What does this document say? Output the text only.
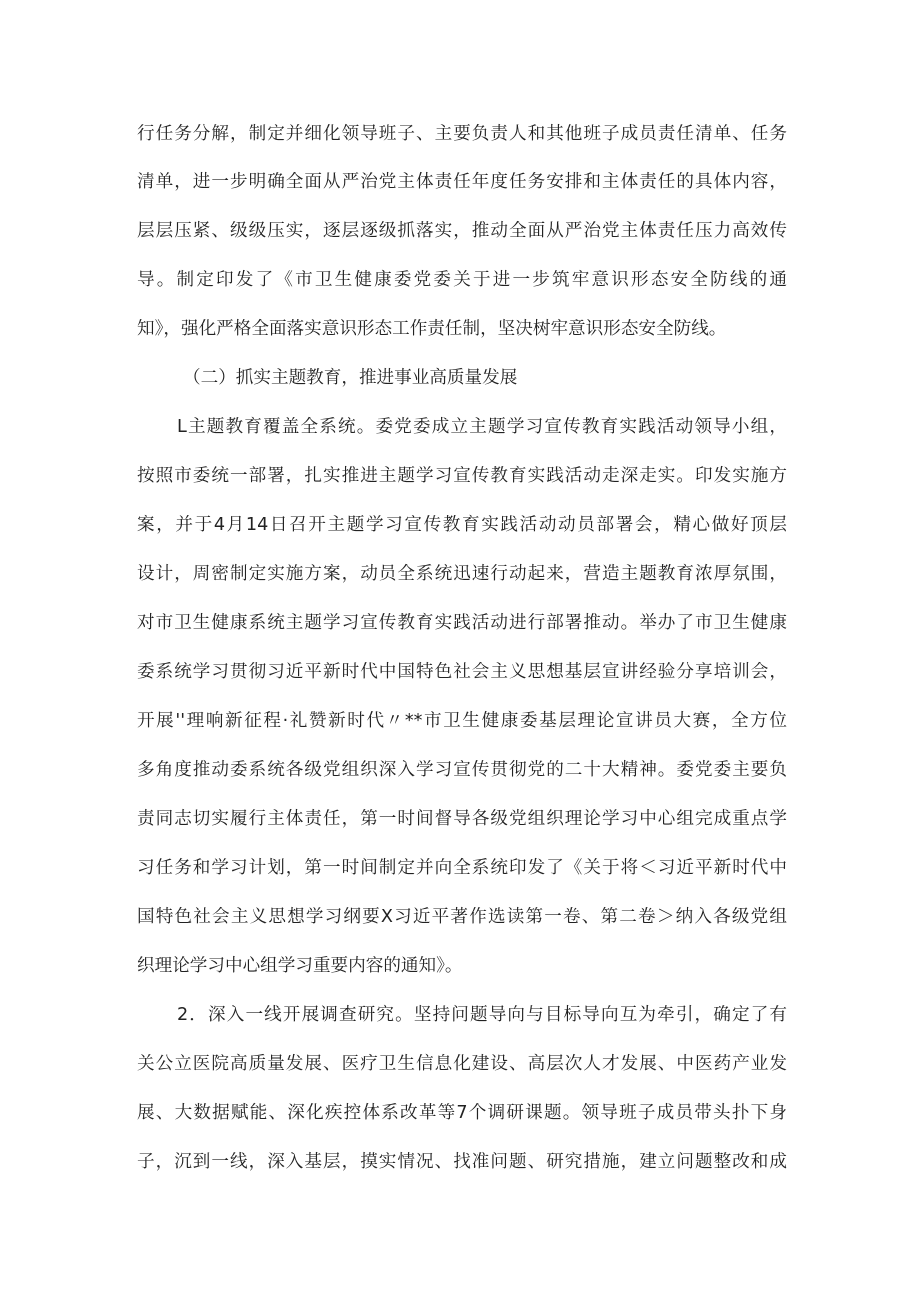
行任务分解，制定并细化领导班子、主要负责人和其他班子成员责任清单、任务
清单，进一步明确全面从严治党主体责任年度任务安排和主体责任的具体内容，
层层压紧、级级压实，逐层逐级抓落实，推动全面从严治党主体责任压力高效传
导。制定印发了《市卫生健康委党委关于进一步筑牢意识形态安全防线的通
知》，强化严格全面落实意识形态工作责任制，坚决树牢意识形态安全防线。
（二）抓实主题教育，推进事业高质量发展
L主题教育覆盖全系统。委党委成立主题学习宣传教育实践活动领导小组，
按照市委统一部署，扎实推进主题学习宣传教育实践活动走深走实。印发实施方
案，并于4月14日召开主题学习宣传教育实践活动动员部署会，精心做好顶层
设计，周密制定实施方案，动员全系统迅速行动起来，营造主题教育浓厚氛围，
对市卫生健康系统主题学习宣传教育实践活动进行部署推动。举办了市卫生健康
委系统学习贯彻习近平新时代中国特色社会主义思想基层宣讲经验分享培训会，
开展''理响新征程·礼赞新时代〃**市卫生健康委基层理论宣讲员大赛，全方位
多角度推动委系统各级党组织深入学习宣传贯彻党的二十大精神。委党委主要负
责同志切实履行主体责任，第一时间督导各级党组织理论学习中心组完成重点学
习任务和学习计划，第一时间制定并向全系统印发了《关于将＜习近平新时代中
国特色社会主义思想学习纲要X习近平著作选读第一卷、第二卷＞纳入各级党组
织理论学习中心组学习重要内容的通知》。
2．深入一线开展调查研究。坚持问题导向与目标导向互为牵引，确定了有
关公立医院高质量发展、医疗卫生信息化建设、高层次人才发展、中医药产业发
展、大数据赋能、深化疾控体系改革等7个调研课题。领导班子成员带头扑下身
子，沉到一线，深入基层，摸实情况、找准问题、研究措施，建立问题整改和成
